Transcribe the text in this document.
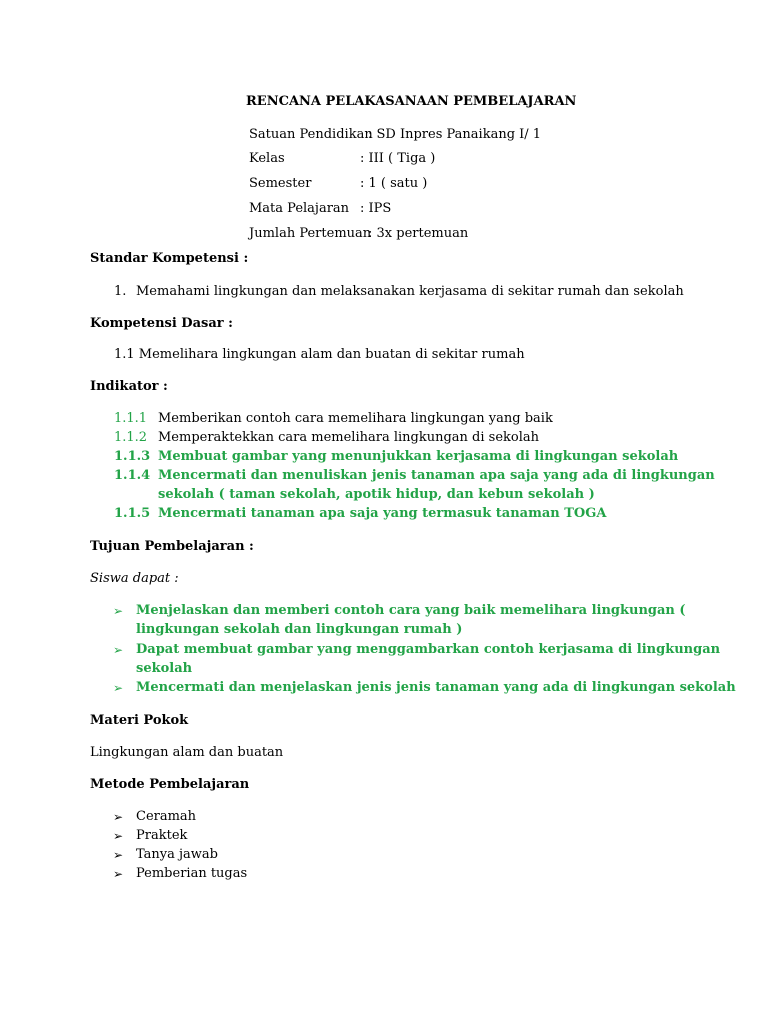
RENCANA PELAKASANAAN PEMBELAJARAN
Satuan Pendidikan
: SD Inpres Panaikang I/ 1
Kelas	: III ( Tiga )
Semester	: 1 ( satu )
Mata Pelajaran : IPS
Jumlah Pertemuan
: 3x pertemuan
Standar Kompetensi :
1. Memahami lingkungan dan melaksanakan kerjasama di sekitar rumah dan sekolah
Kompetensi Dasar :
1.1 Memelihara lingkungan alam dan buatan di sekitar rumah
Indikator :
1.1.1 Memberikan contoh cara memelihara lingkungan yang baik
1.1.2 Memperaktekkan cara memelihara lingkungan di sekolah
1.1.3 Membuat gambar yang menunjukkan kerjasama di lingkungan sekolah
1.1.4 Mencermati dan menuliskan jenis tanaman apa saja yang ada di lingkungan
sekolah ( taman sekolah, apotik hidup, dan kebun sekolah )
1.1.5 Mencermati tanaman apa saja yang termasuk tanaman TOGA
Tujuan Pembelajaran :
Siswa dapat :
➢ Menjelaskan dan memberi contoh cara yang baik memelihara lingkungan (
lingkungan sekolah dan lingkungan rumah )
➢ Dapat membuat gambar yang menggambarkan contoh kerjasama di lingkungan
sekolah
➢ Mencermati dan menjelaskan jenis jenis tanaman yang ada di lingkungan sekolah
Materi Pokok
Lingkungan alam dan buatan
Metode Pembelajaran
➢ Ceramah
➢ Praktek
➢ Tanya jawab
➢ Pemberian tugas
